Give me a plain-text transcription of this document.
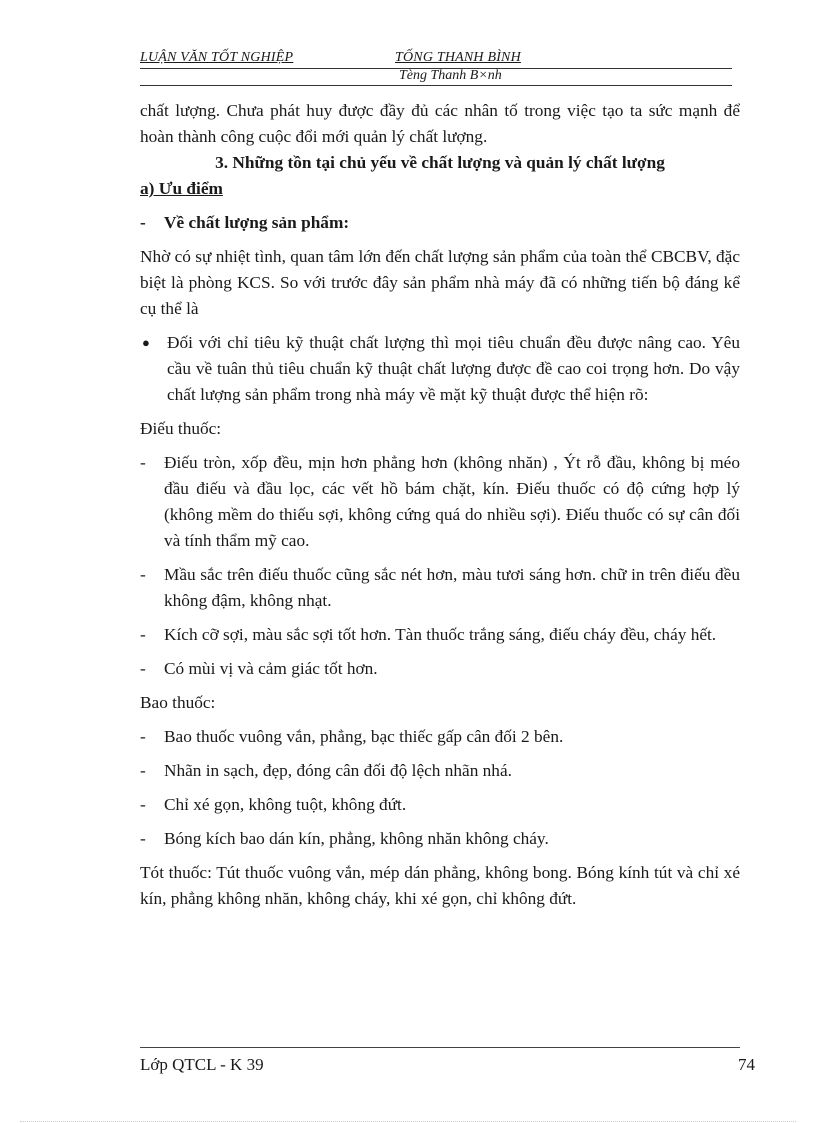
LUẬN VĂN TỐT NGHIỆP	TỐNG THANH BÌNH
Tèng Thanh B×nh

chất lượng. Chưa phát huy được đầy đủ các nhân tố trong việc tạo ta sức mạnh để hoàn thành công cuộc đổi mới quản lý chất lượng.

3. Những tồn tại chủ yếu về chất lượng và quản lý chất lượng

a) Ưu điểm

- Về chất lượng sản phẩm:

Nhờ có sự nhiệt tình, quan tâm lớn đến chất lượng sản phẩm của toàn thể CBCBV, đặc biệt là phòng KCS. So với trước đây sản phẩm nhà máy đã có những tiến bộ đáng kể cụ thể là

● Đối với chỉ tiêu kỹ thuật chất lượng thì mọi tiêu chuẩn đều được nâng cao. Yêu cầu về tuân thủ tiêu chuẩn kỹ thuật chất lượng được đề cao coi trọng hơn. Do vậy chất lượng sản phẩm trong nhà máy về mặt kỹ thuật được thể hiện rõ:

Điếu thuốc:

- Điếu tròn, xốp đều, mịn hơn phẳng hơn (không nhăn) , Ýt rỗ đầu, không bị méo đầu điếu và đầu lọc, các vết hồ bám chặt, kín. Điếu thuốc có độ cứng hợp lý (không mềm do thiếu sợi, không cứng quá do nhiều sợi). Điếu thuốc có sự cân đối và tính thẩm mỹ cao.

- Mầu sắc trên điếu thuốc cũng sắc nét hơn, màu tươi sáng hơn. chữ in trên điếu đều không đậm, không nhạt.

- Kích cỡ sợi, màu sắc sợi tốt hơn. Tàn thuốc trắng sáng, điếu cháy đều, cháy hết.

- Có mùi vị và cảm giác tốt hơn.

Bao thuốc:

- Bao thuốc vuông vắn, phẳng, bạc thiếc gấp cân đối 2 bên.

- Nhãn in sạch, đẹp, đóng cân đối độ lệch nhãn nhá.

- Chỉ xé gọn, không tuột, không đứt.

- Bóng kích bao dán kín, phẳng, không nhăn không cháy.

Tót thuốc: Tút thuốc vuông vắn, mép dán phẳng, không bong. Bóng kính tút và chỉ xé kín, phẳng không nhăn, không cháy, khi xé gọn, chỉ không đứt.

Lớp QTCL - K 39	74
